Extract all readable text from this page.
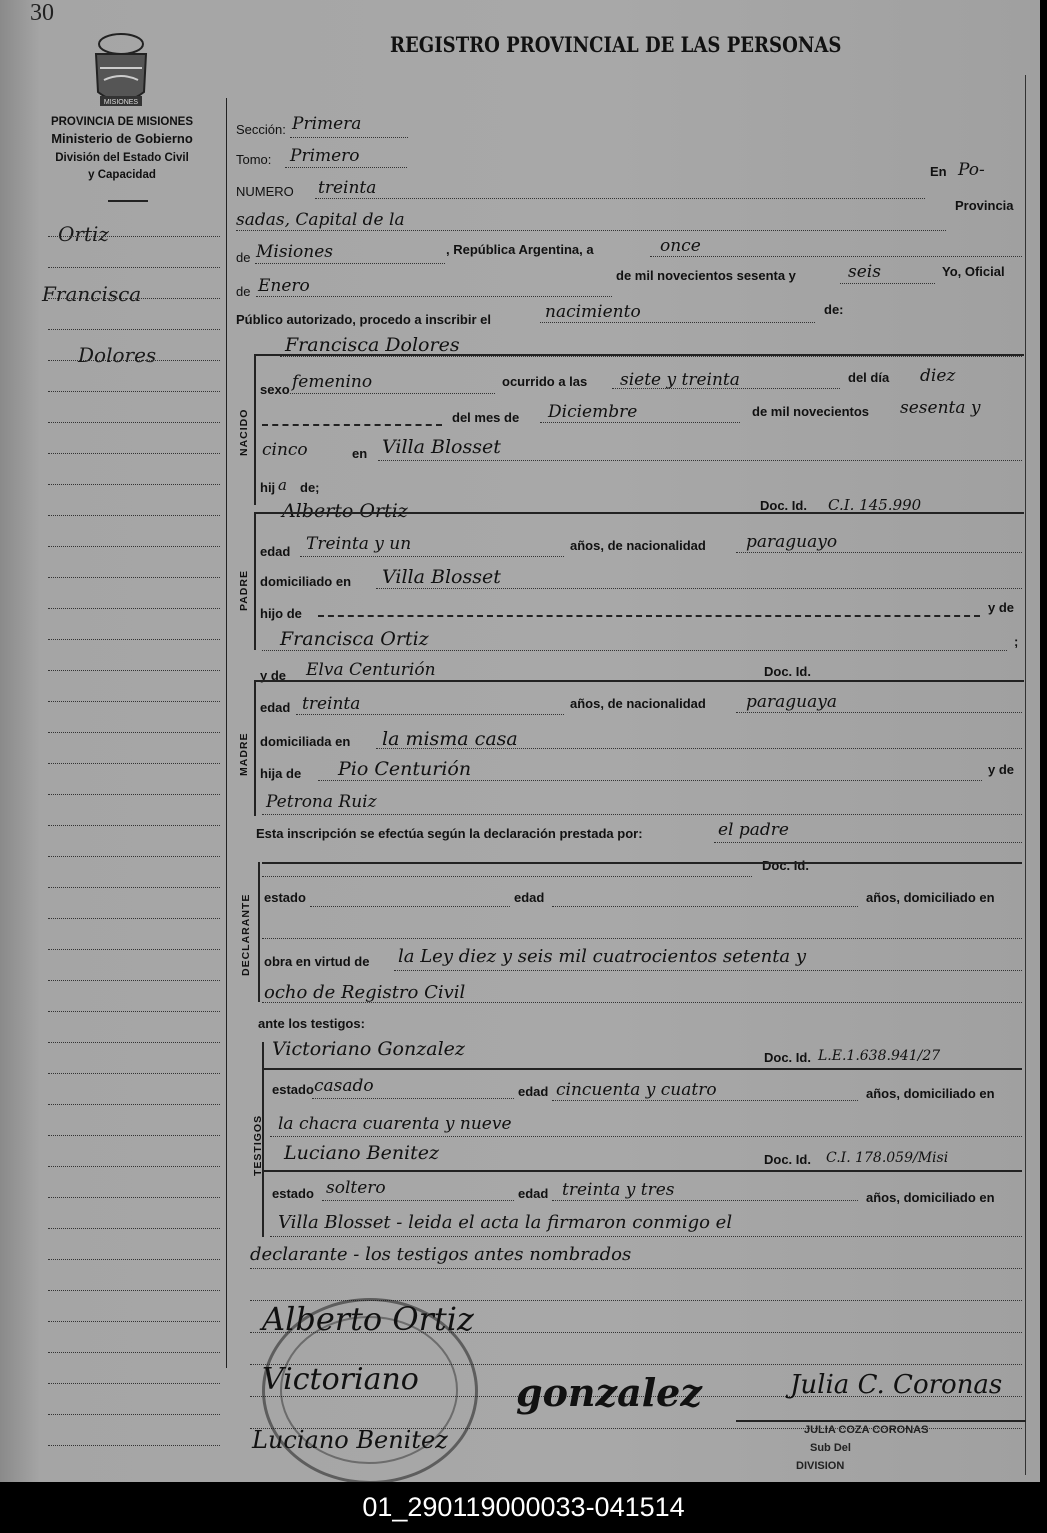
30
MISIONES
REGISTRO PROVINCIAL DE LAS PERSONAS
PROVINCIA DE MISIONES
Ministerio de Gobierno
División del Estado Civil
y Capacidad
Ortiz
Francisca
Dolores
Sección: Primera
Tomo: Primero
NUMERO treinta
En Po-
sadas, Capital de la
Provincia
de Misiones	, República Argentina, a	once
de Enero
de mil novecientos sesenta y	seis	Yo, Oficial
Público autorizado, procedo a inscribir el	nacimiento	de:
NACIDO
Francisca Dolores
sexo femenino	ocurrido a las siete y treinta	del día diez
del mes de Diciembre	de mil novecientos sesenta y
cinco	en Villa Blosset
hij a de;
PADRE
Alberto Ortiz	Doc. Id. C.I. 145.990
edad Treinta y un	años, de nacionalidad paraguayo
domiciliado en Villa Blosset
hijo de	y de
Francisca Ortiz	;
MADRE
y de Elva Centurión	Doc. Id.
edad treinta	años, de nacionalidad paraguaya
domiciliada en la misma casa
hija de Pio Centurión	y de
Petrona Ruiz
Esta inscripción se efectúa según la declaración prestada por:	el padre
DECLARANTE
Doc. Id.
estado	edad	años, domiciliado en
obra en virtud de la Ley diez y seis mil cuatrocientos setenta y
ocho de Registro Civil
ante los testigos:
TESTIGOS
Victoriano Gonzalez	Doc. Id. L.E.1.638.941/27
estado casado	edad cincuenta y cuatro	años, domiciliado en
la chacra cuarenta y nueve
Luciano Benitez	Doc. Id. C.I. 178.059/Misi
estado soltero	edad treinta y tres	años, domiciliado en
Villa Blosset - leida el acta la firmaron conmigo el
declarante - los testigos antes nombrados
Alberto Ortiz
Victoriano	gonzalez
Luciano Benitez
Julia C. Coronas
JULIA COZA CORONAS
Sub Del
DIVISION
01_290119000033-041514
